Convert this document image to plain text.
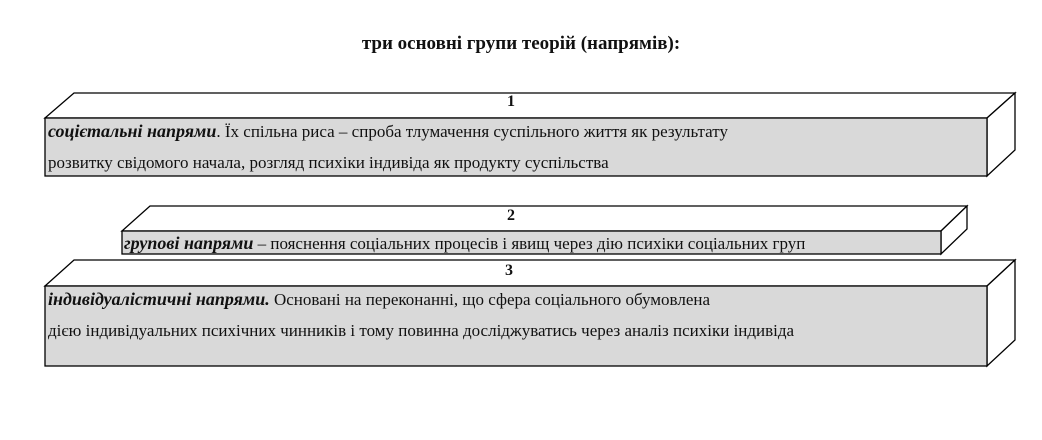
три основні групи теорій (напрямів):
1
соцієтальні напрями. Їх спільна риса – спроба тлумачення суспільного життя як результату
розвитку свідомого начала, розгляд психіки індивіда як продукту суспільства
2
групові напрями – пояснення соціальних процесів і явищ через дію психіки соціальних груп
3
індивідуалістичні напрями. Основані на переконанні, що сфера соціального обумовлена
дією індивідуальних психічних чинників і тому повинна досліджуватись через аналіз психіки індивіда
